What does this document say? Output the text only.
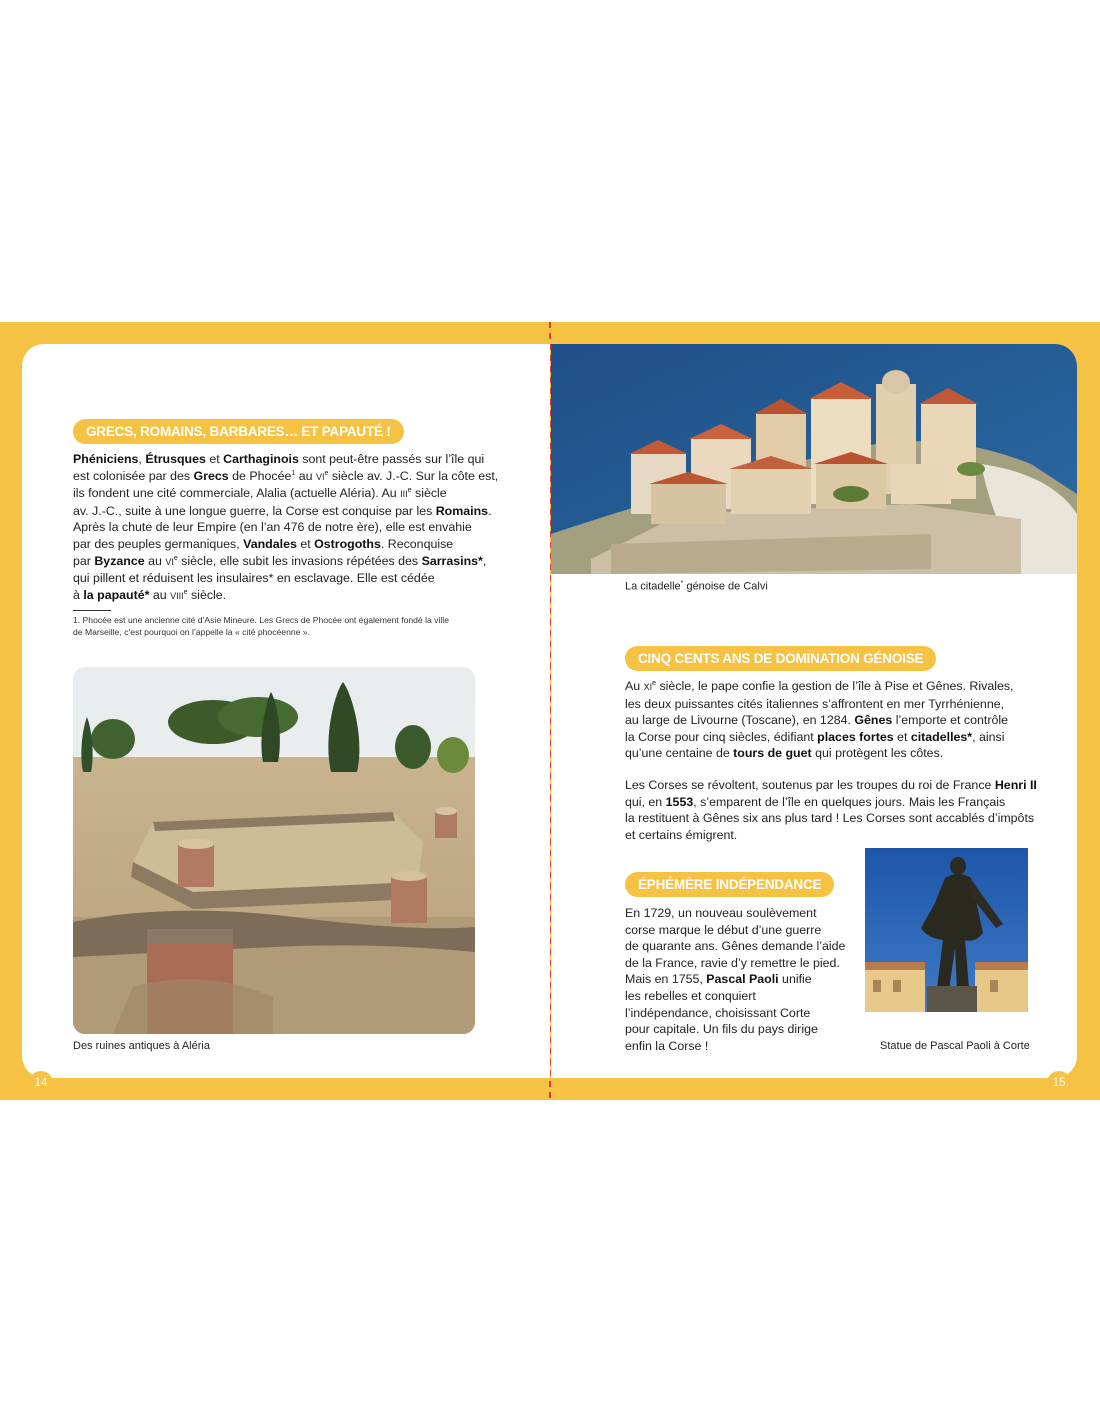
GRECS, ROMAINS, BARBARES… ET PAPAUTÉ !
Phéniciens, Étrusques et Carthaginois sont peut-être passés sur l’île qui
est colonisée par des Grecs de Phocée$^1$ au VIe siècle av. J.-C. Sur la côte est,
ils fondent une cité commerciale, Alalia (actuelle Aléria). Au IIIe siècle
av. J.-C., suite à une longue guerre, la Corse est conquise par les Romains.
Après la chute de leur Empire (en l’an 476 de notre ère), elle est envahie
par des peuples germaniques, Vandales et Ostrogoths. Reconquise
par Byzance au VIe siècle, elle subit les invasions répétées des Sarrasins*,
qui pillent et réduisent les insulaires* en esclavage. Elle est cédée
à la papauté* au VIIIe siècle.
1. Phocée est une ancienne cité d’Asie Mineure. Les Grecs de Phocée ont également fondé la ville
de Marseille, c’est pourquoi on l’appelle la « cité phocéenne ».
Des ruines antiques à Aléria
14
La citadelle* génoise de Calvi
CINQ CENTS ANS DE DOMINATION GÉNOISE
Au XIe siècle, le pape confie la gestion de l’île à Pise et Gênes. Rivales,
les deux puissantes cités italiennes s’affrontent en mer Tyrrhénienne,
au large de Livourne (Toscane), en 1284. Gênes l’emporte et contrôle
la Corse pour cinq siècles, édifiant places fortes et citadelles*, ainsi
qu’une centaine de tours de guet qui protègent les côtes.
Les Corses se révoltent, soutenus par les troupes du roi de France Henri II
qui, en 1553, s’emparent de l’île en quelques jours. Mais les Français
la restituent à Gênes six ans plus tard ! Les Corses sont accablés d’impôts
et certains émigrent.
ÉPHÉMÈRE INDÉPENDANCE
En 1729, un nouveau soulèvement
corse marque le début d’une guerre
de quarante ans. Gênes demande l’aide
de la France, ravie d’y remettre le pied.
Mais en 1755, Pascal Paoli unifie
les rebelles et conquiert
l’indépendance, choisissant Corte
pour capitale. Un fils du pays dirige
enfin la Corse !	Statue de Pascal Paoli à Corte
15
